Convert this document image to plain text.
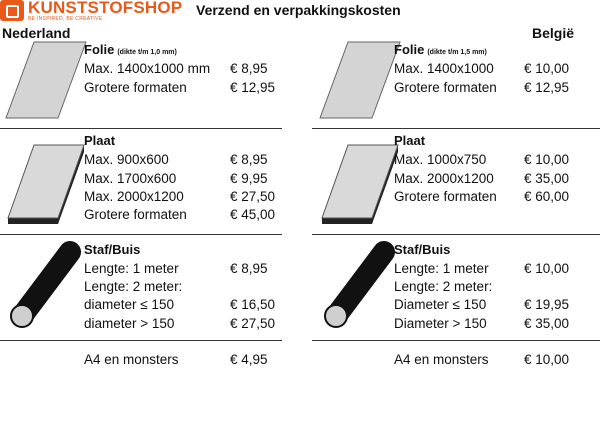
KUNSTSTOFSHOP
BE INSPIRED, BE CREATIVE
Verzend en verpakkingskosten
Nederland	België
Folie (dikte t/m 1,0 mm)
Max. 1400x1000 mm € 8,95
Grotere formaten	€ 12,95
Plaat
Max. 900x600	€ 8,95
Max. 1700x600	€ 9,95
Max. 2000x1200	€ 27,50
Grotere formaten	€ 45,00
Staf/Buis
Lengte: 1 meter	€ 8,95
Lengte: 2 meter:
diameter ≤ 150	€ 16,50
diameter > 150	€ 27,50
A4 en monsters	€ 4,95
Folie (dikte t/m 1,5 mm)
Max. 1400x1000 € 10,00
Grotere formaten € 12,95
Plaat
Max. 1000x750	€ 10,00
Max. 2000x1200 € 35,00
Grotere formaten € 60,00
Staf/Buis
Lengte: 1 meter	€ 10,00
Lengte: 2 meter:
Diameter ≤ 150	€ 19,95
Diameter > 150	€ 35,00
A4 en monsters	€ 10,00
